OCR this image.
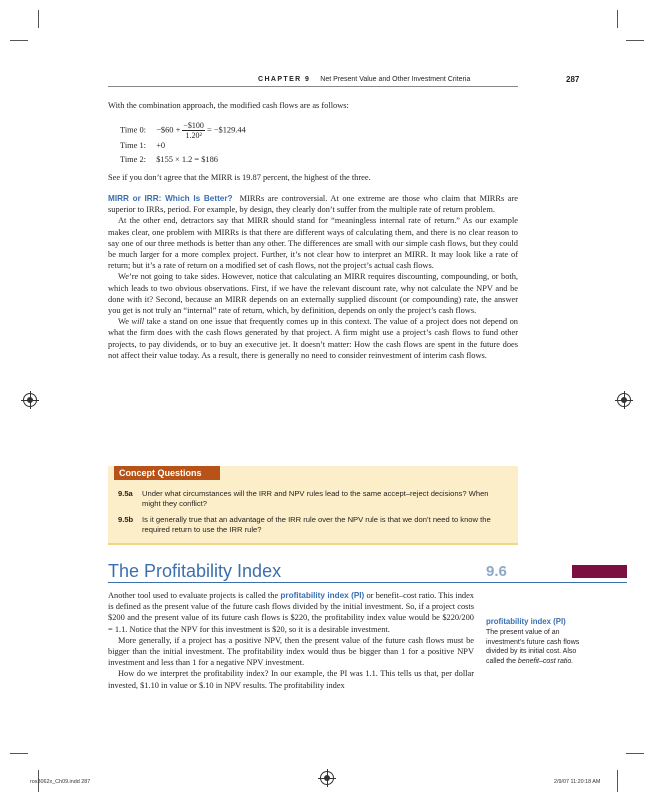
CHAPTER 9 Net Present Value and Other Investment Criteria	287

With the combination approach, the modified cash flows are as follows:

Time 0: −$60 + $\frac{-\$100}{\text{1.20²}}$ = −$129.44
Time 1: +0
Time 2: $155 × 1.2 = $186

See if you don’t agree that the MIRR is 19.87 percent, the highest of the three.

MIRR or IRR: Which Is Better? MIRRs are controversial. At one extreme are those who claim that MIRRs are superior to IRRs, period. For example, by design, they clearly don’t suffer from the multiple rate of return problem.

At the other end, detractors say that MIRR should stand for “meaningless internal rate of return.” As our example makes clear, one problem with MIRRs is that there are different ways of calculating them, and there is no clear reason to say one of our three methods is better than any other. The differences are small with our simple cash flows, but they could be much larger for a more complex project. Further, it’s not clear how to interpret an MIRR. It may look like a rate of return; but it’s a rate of return on a modified set of cash flows, not the project’s actual cash flows.

We’re not going to take sides. However, notice that calculating an MIRR requires discounting, compounding, or both, which leads to two obvious observations. First, if we have the relevant discount rate, why not calculate the NPV and be done with it? Second, because an MIRR depends on an externally supplied discount (or compounding) rate, the answer you get is not truly an “internal” rate of return, which, by definition, depends on only the project’s cash flows.

We will take a stand on one issue that frequently comes up in this context. The value of a project does not depend on what the firm does with the cash flows generated by that project. A firm might use a project’s cash flows to fund other projects, to pay dividends, or to buy an executive jet. It doesn’t matter: How the cash flows are spent in the future does not affect their value today. As a result, there is generally no need to consider reinvestment of interim cash flows.

Concept Questions
9.5a Under what circumstances will the IRR and NPV rules lead to the same accept–reject decisions? When might they conflict?
9.5b Is it generally true that an advantage of the IRR rule over the NPV rule is that we don’t need to know the required return to use the IRR rule?
The Profitability Index	9.6

Another tool used to evaluate projects is called the profitability index (PI) or benefit–cost ratio. This index is defined as the present value of the future cash flows divided by the initial investment. So, if a project costs $200 and the present value of its future cash flows is $220, the profitability index value would be $220/200 = 1.1. Notice that the NPV for this investment is $20, so it is a desirable investment.

More generally, if a project has a positive NPV, then the present value of the future cash flows must be bigger than the initial investment. The profitability index would thus be bigger than 1 for a positive NPV investment and less than 1 for a negative NPV investment.

How do we interpret the profitability index? In our example, the PI was 1.1. This tells us that, per dollar invested, $1.10 in value or $.10 in NPV results. The profitability index

profitability index (PI)
The present value of an investment’s future cash flows divided by its initial cost. Also called the benefit–cost ratio.
ros3062x_Ch09.indd 287	2/9/07 11:20:18 AM
